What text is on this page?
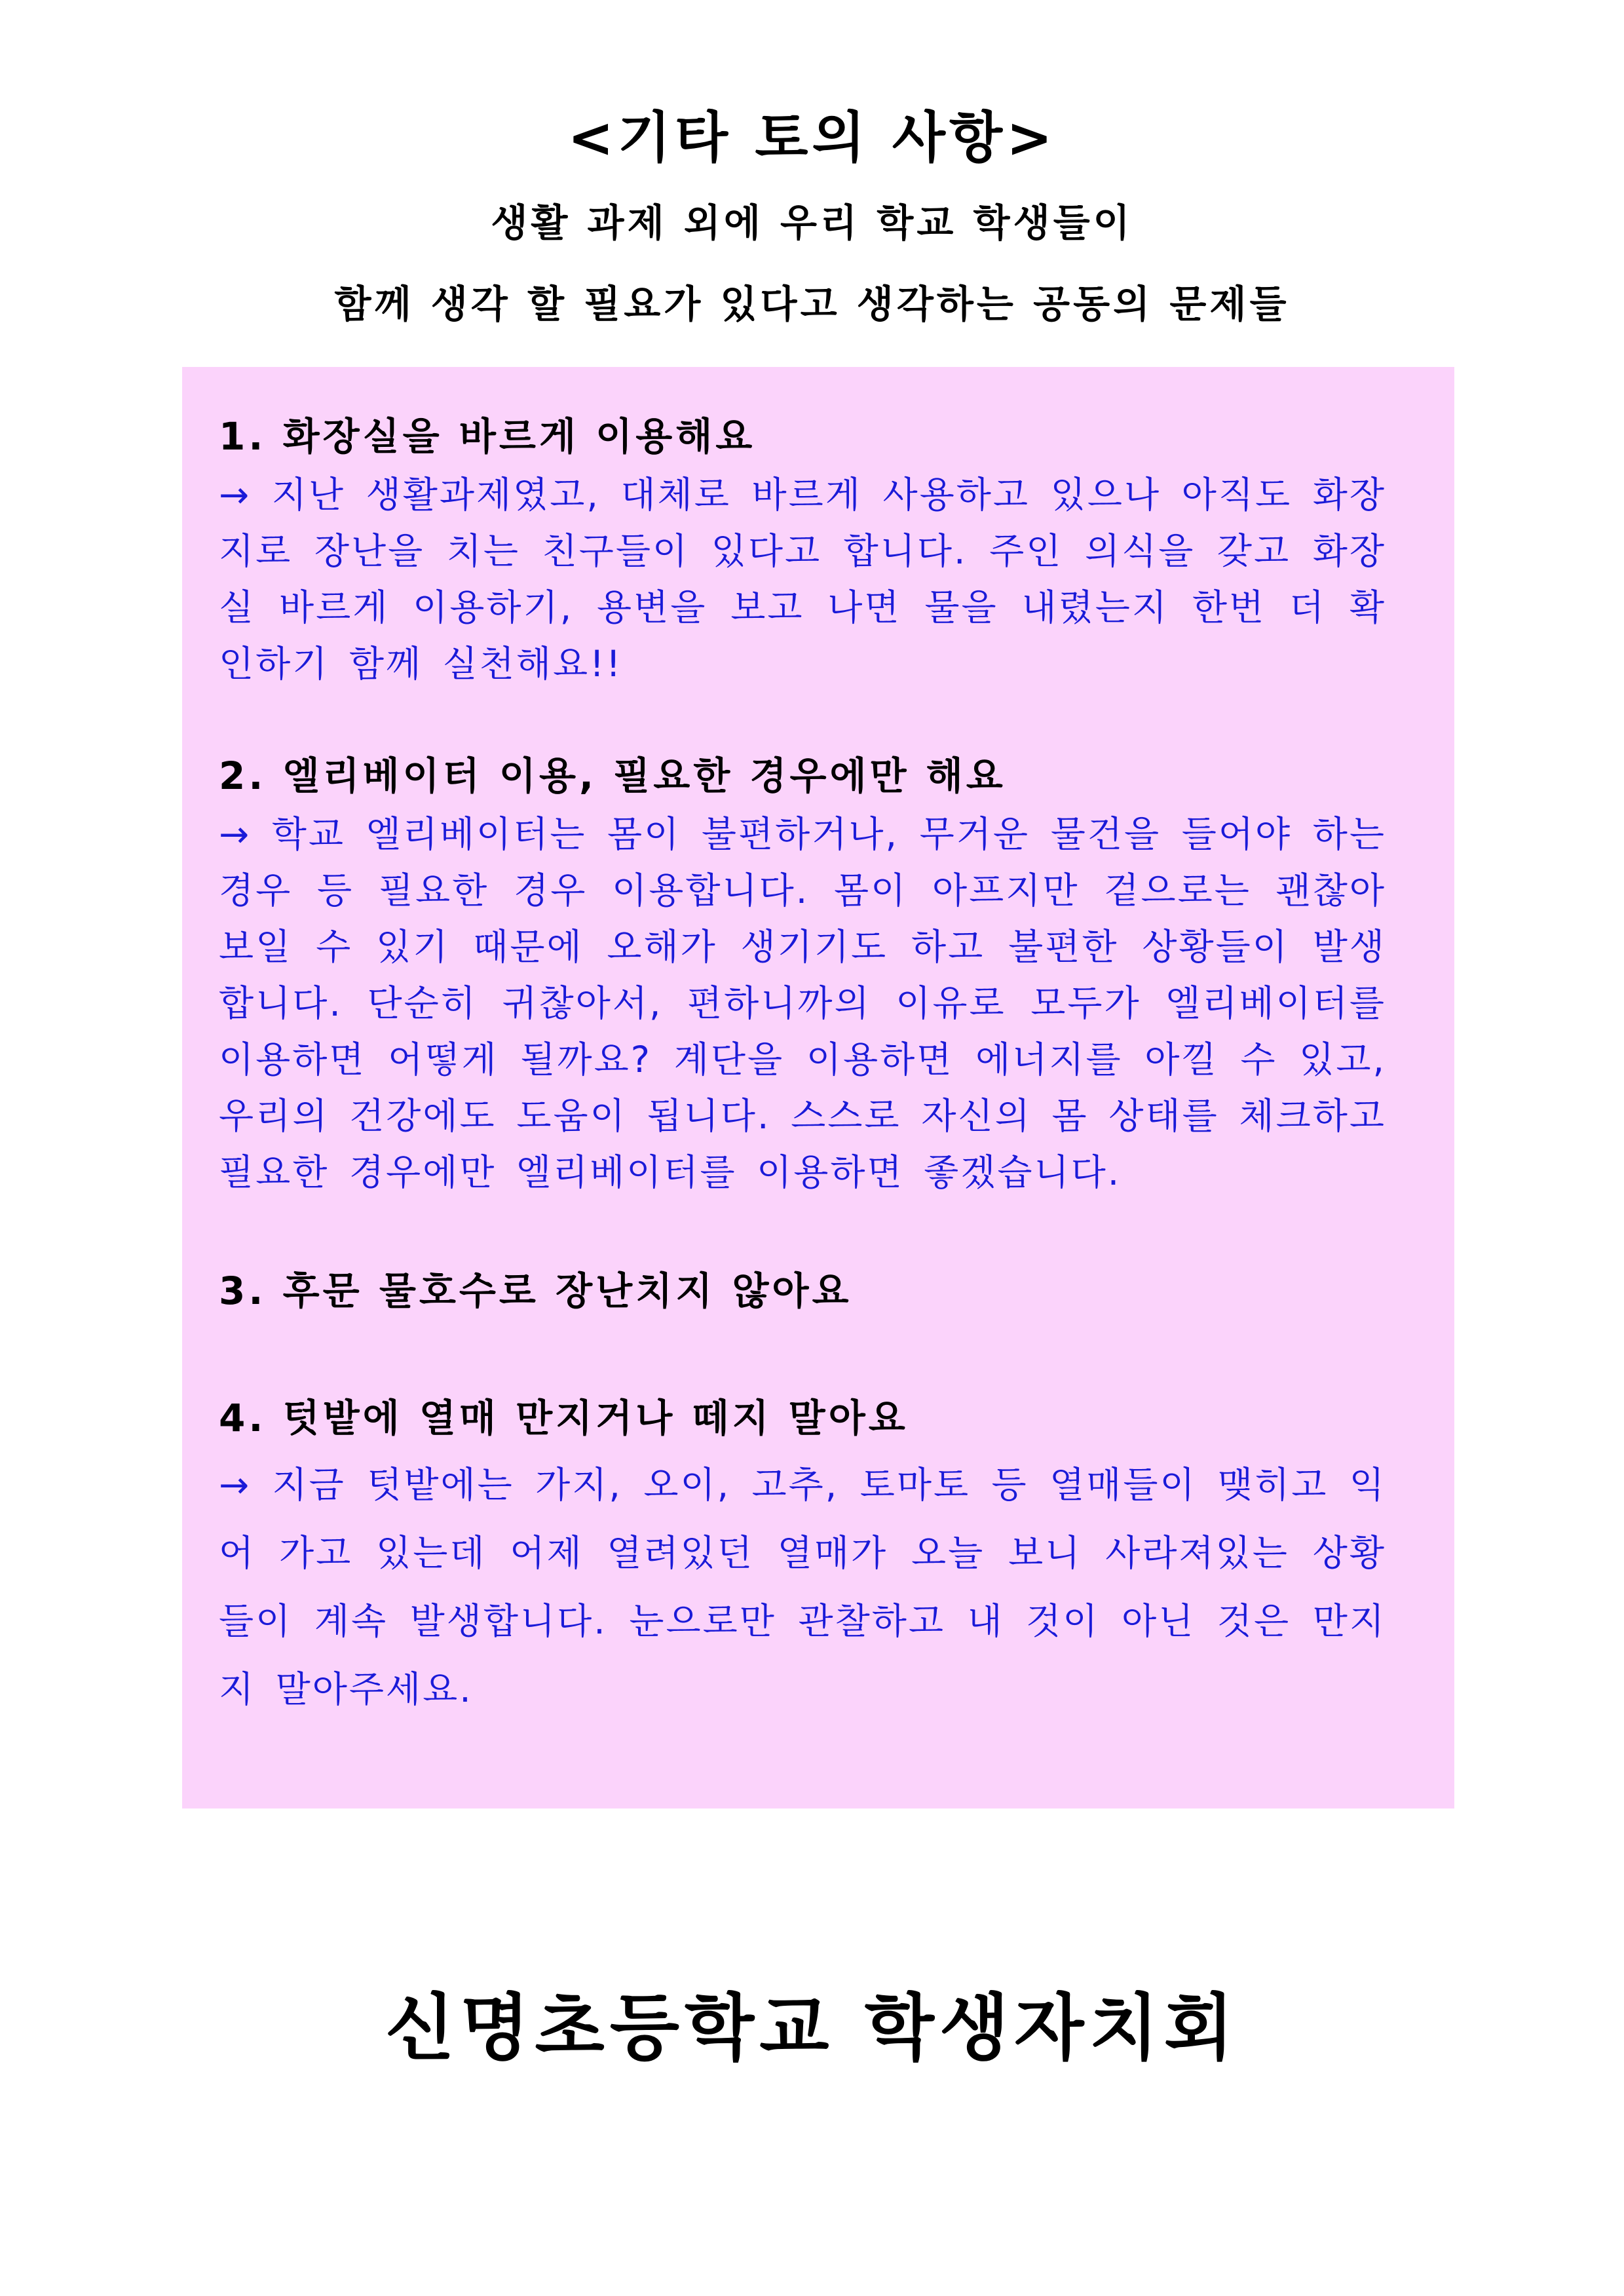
<기타 토의 사항>

생활 과제 외에 우리 학교 학생들이

함께 생각 할 필요가 있다고 생각하는 공동의 문제들

1. 화장실을 바르게 이용해요

→ 지난 생활과제였고, 대체로 바르게 사용하고 있으나 아직도 화장지로 장난을 치는 친구들이 있다고 합니다. 주인 의식을 갖고 화장실 바르게 이용하기, 용변을 보고 나면 물을 내렸는지 한번 더 확인하기 함께 실천해요!!

2. 엘리베이터 이용, 필요한 경우에만 해요

→ 학교 엘리베이터는 몸이 불편하거나, 무거운 물건을 들어야 하는 경우 등 필요한 경우 이용합니다. 몸이 아프지만 겉으로는 괜찮아 보일 수 있기 때문에 오해가 생기기도 하고 불편한 상황들이 발생합니다. 단순히 귀찮아서, 편하니까의 이유로 모두가 엘리베이터를 이용하면 어떻게 될까요? 계단을 이용하면 에너지를 아낄 수 있고, 우리의 건강에도 도움이 됩니다. 스스로 자신의 몸 상태를 체크하고 필요한 경우에만 엘리베이터를 이용하면 좋겠습니다.

3. 후문 물호수로 장난치지 않아요
4. 텃밭에 열매 만지거나 떼지 말아요

→ 지금 텃밭에는 가지, 오이, 고추, 토마토 등 열매들이 맺히고 익어 가고 있는데 어제 열려있던 열매가 오늘 보니 사라져있는 상황들이 계속 발생합니다. 눈으로만 관찰하고 내 것이 아닌 것은 만지지 말아주세요.

신명초등학교 학생자치회
